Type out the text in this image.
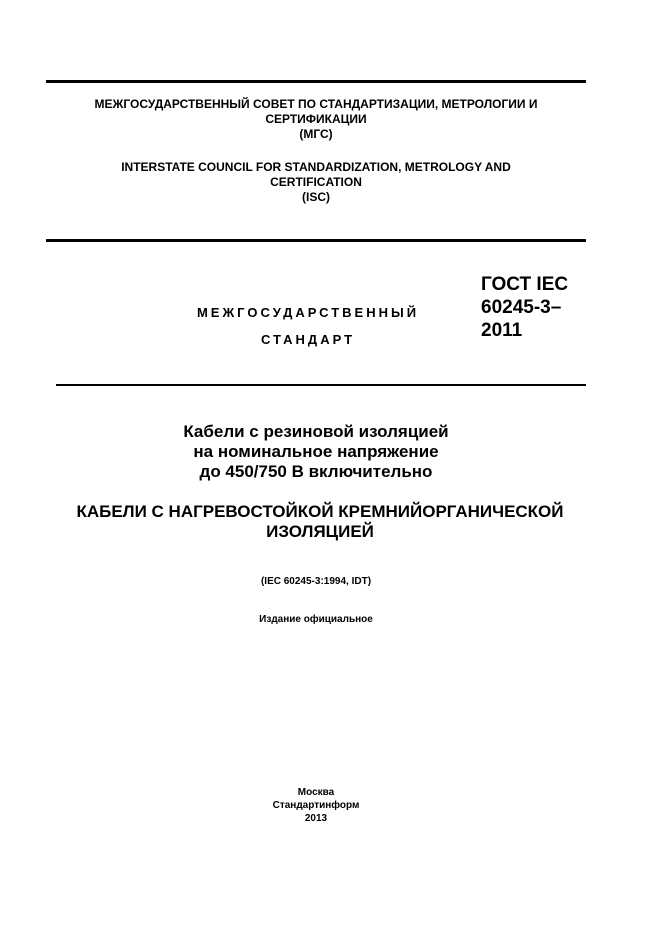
МЕЖГОСУДАРСТВЕННЫЙ СОВЕТ ПО СТАНДАРТИЗАЦИИ, МЕТРОЛОГИИ И
СЕРТИФИКАЦИИ
(МГС)
INTERSTATE COUNCIL FOR STANDARDIZATION, METROLOGY AND
CERTIFICATION
(ISC)
МЕЖГОСУДАРСТВЕННЫЙ
СТАНДАРТ
ГОСТ IEC
60245-3–
2011
Кабели с резиновой изоляцией
на номинальное напряжение
до 450/750 В включительно
КАБЕЛИ С НАГРЕВОСТОЙКОЙ КРЕМНИЙОРГАНИЧЕСКОЙ
ИЗОЛЯЦИЕЙ
(IEC 60245-3:1994, IDT)
Издание официальное
Москва
Стандартинформ
2013
